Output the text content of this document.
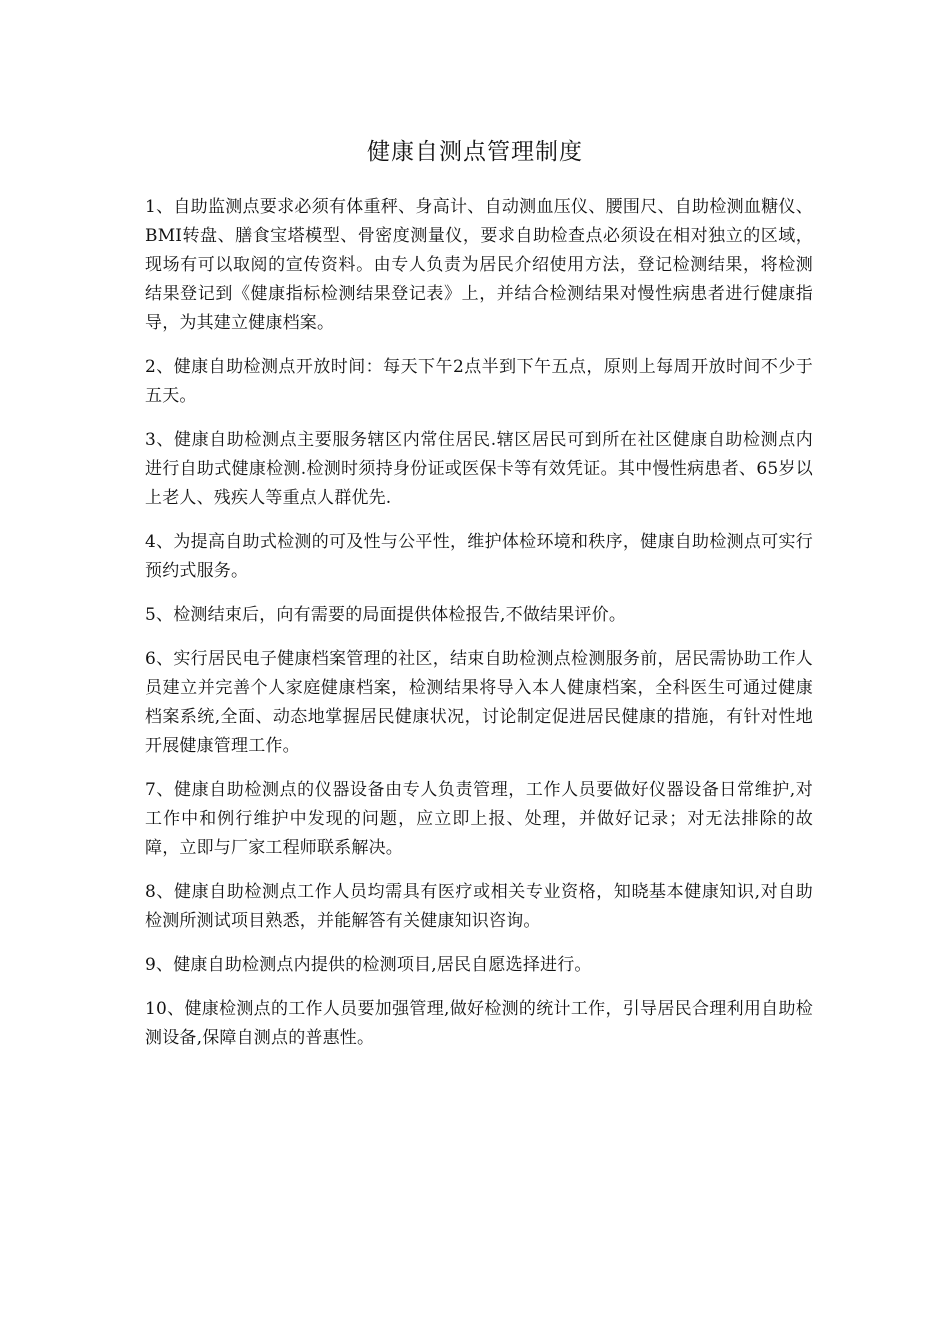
健康自测点管理制度

1、自助监测点要求必须有体重秤、身高计、自动测血压仪、腰围尺、自助检测血糖仪、BMI转盘、膳食宝塔模型、骨密度测量仪，要求自助检查点必须设在相对独立的区域，现场有可以取阅的宣传资料。由专人负责为居民介绍使用方法，登记检测结果，将检测结果登记到《健康指标检测结果登记表》上，并结合检测结果对慢性病患者进行健康指导，为其建立健康档案。

2、健康自助检测点开放时间：每天下午2点半到下午五点，原则上每周开放时间不少于五天。

3、健康自助检测点主要服务辖区内常住居民.辖区居民可到所在社区健康自助检测点内进行自助式健康检测.检测时须持身份证或医保卡等有效凭证。其中慢性病患者、65岁以上老人、残疾人等重点人群优先.

4、为提高自助式检测的可及性与公平性，维护体检环境和秩序，健康自助检测点可实行预约式服务。

5、检测结束后，向有需要的局面提供体检报告,不做结果评价。

6、实行居民电子健康档案管理的社区，结束自助检测点检测服务前，居民需协助工作人员建立并完善个人家庭健康档案，检测结果将导入本人健康档案，全科医生可通过健康档案系统,全面、动态地掌握居民健康状况，讨论制定促进居民健康的措施，有针对性地开展健康管理工作。

7、健康自助检测点的仪器设备由专人负责管理，工作人员要做好仪器设备日常维护,对工作中和例行维护中发现的问题，应立即上报、处理，并做好记录；对无法排除的故障，立即与厂家工程师联系解决。

8、健康自助检测点工作人员均需具有医疗或相关专业资格，知晓基本健康知识,对自助检测所测试项目熟悉，并能解答有关健康知识咨询。

9、健康自助检测点内提供的检测项目,居民自愿选择进行。

10、健康检测点的工作人员要加强管理,做好检测的统计工作，引导居民合理利用自助检测设备,保障自测点的普惠性。
